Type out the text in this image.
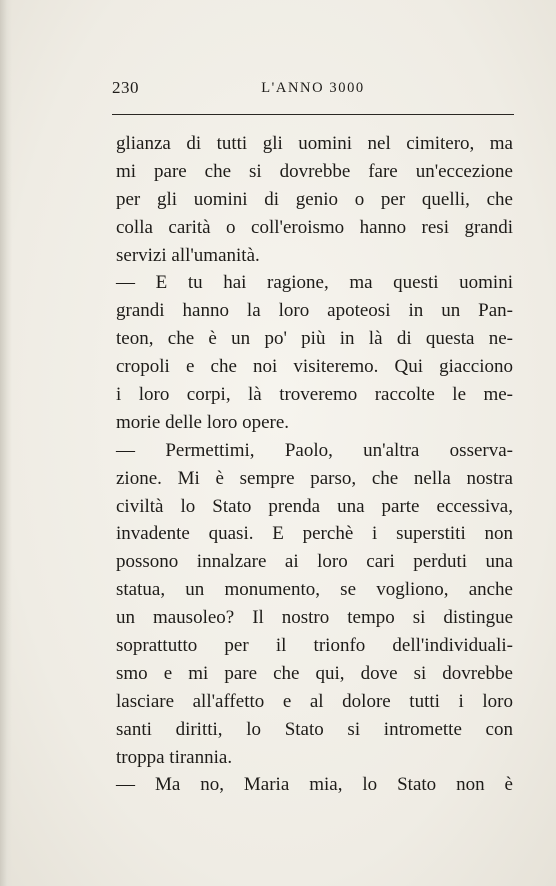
230	L'ANNO 3000
glianza di tutti gli uomini nel cimitero, ma
mi pare che si dovrebbe fare un'eccezione
per gli uomini di genio o per quelli, che
colla carità o coll'eroismo hanno resi grandi
servizi all'umanità.
— E tu hai ragione, ma questi uomini
grandi hanno la loro apoteosi in un Pan-
teon, che è un po' più in là di questa ne-
cropoli e che noi visiteremo. Qui giacciono
i loro corpi, là troveremo raccolte le me-
morie delle loro opere.
— Permettimi, Paolo, un'altra osserva-
zione. Mi è sempre parso, che nella nostra
civiltà lo Stato prenda una parte eccessiva,
invadente quasi. E perchè i superstiti non
possono innalzare ai loro cari perduti una
statua, un monumento, se vogliono, anche
un mausoleo? Il nostro tempo si distingue
soprattutto per il trionfo dell'individuali-
smo e mi pare che qui, dove si dovrebbe
lasciare all'affetto e al dolore tutti i loro
santi diritti, lo Stato si intromette con
troppa tirannia.
— Ma no, Maria mia, lo Stato non è
